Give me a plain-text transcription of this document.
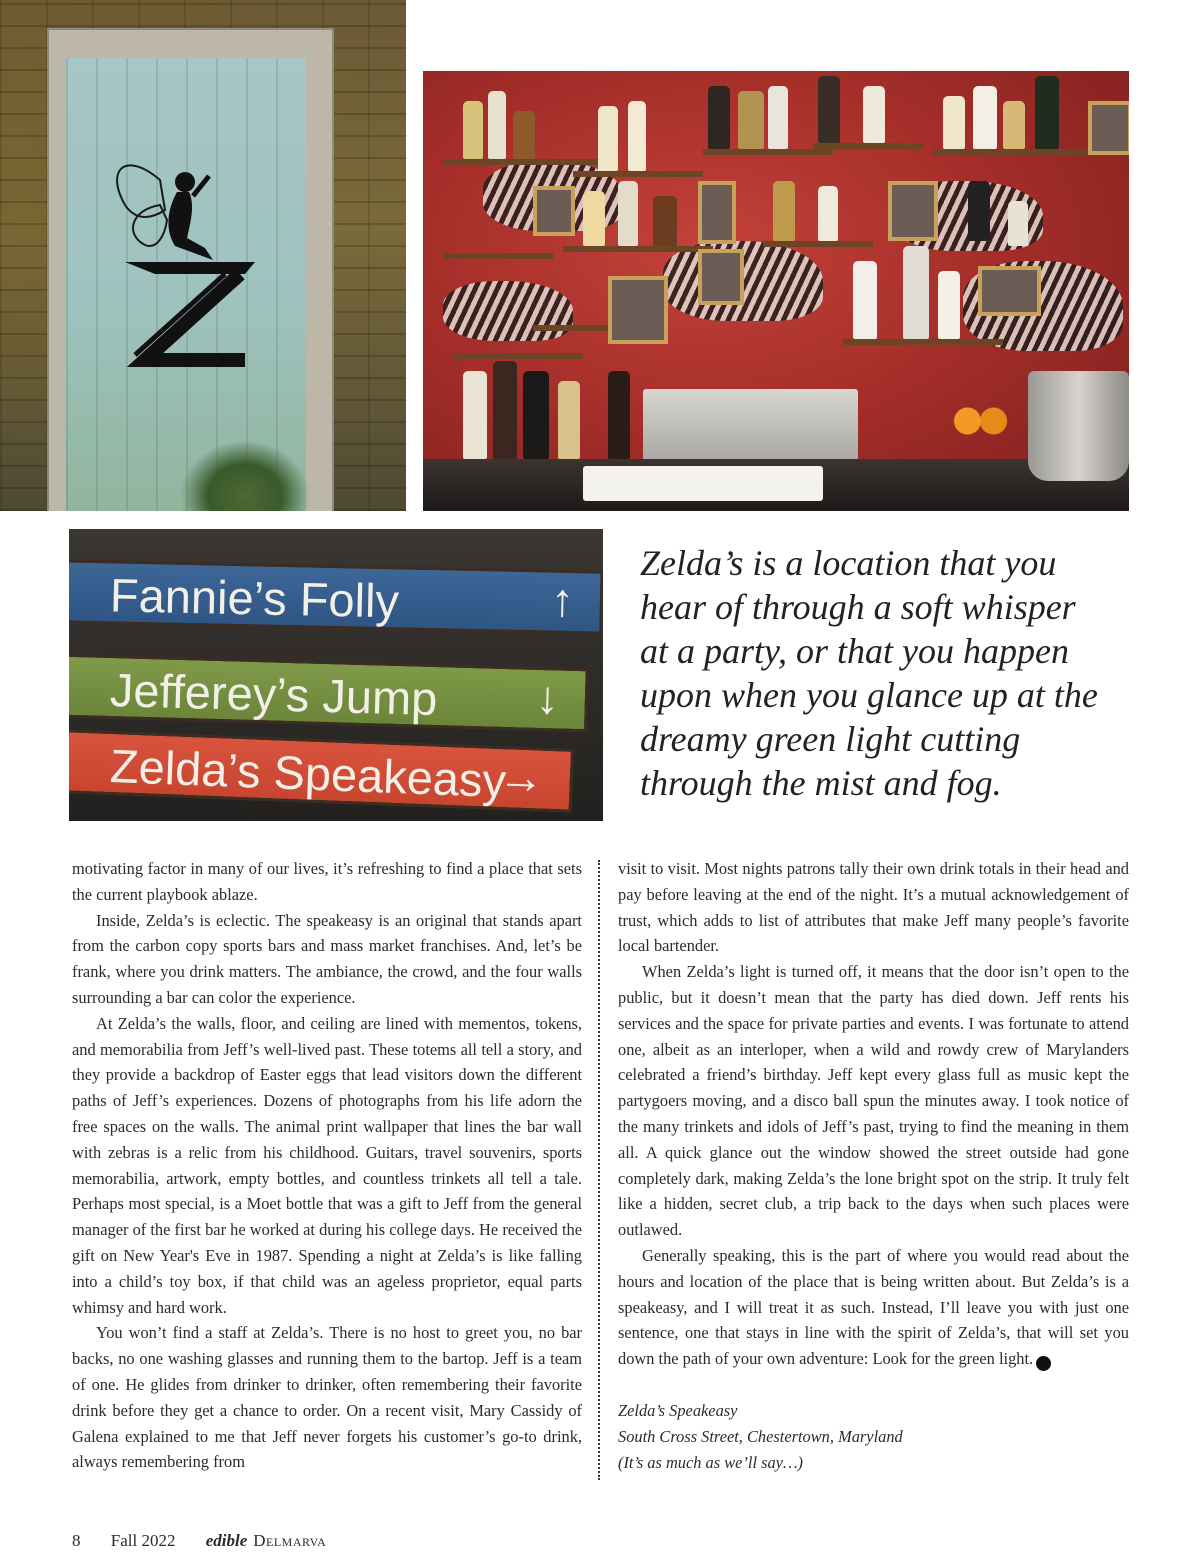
Fannie’s Folly	↑
Jefferey’s Jump ↓
Zelda’s Speakeasy
→
Zelda’s is a location that you hear of through a soft whisper at a party, or that you happen upon when you glance up at the dreamy green light cutting through the mist and fog.

motivating factor in many of our lives, it’s refreshing to find a place that sets the current playbook ablaze.

Inside, Zelda’s is eclectic. The speakeasy is an original that stands apart from the carbon copy sports bars and mass market franchises. And, let’s be frank, where you drink matters. The ambiance, the crowd, and the four walls surrounding a bar can color the experience.

At Zelda’s the walls, floor, and ceiling are lined with mementos, tokens, and memorabilia from Jeff’s well-lived past. These totems all tell a story, and they provide a backdrop of Easter eggs that lead visitors down the different paths of Jeff’s experiences. Dozens of photographs from his life adorn the free spaces on the walls. The animal print wallpaper that lines the bar wall with zebras is a relic from his childhood. Guitars, travel souvenirs, sports memorabilia, artwork, empty bottles, and countless trinkets all tell a tale. Perhaps most special, is a Moet bottle that was a gift to Jeff from the general manager of the first bar he worked at during his college days. He received the gift on New Year's Eve in 1987. Spending a night at Zelda’s is like falling into a child’s toy box, if that child was an ageless proprietor, equal parts whimsy and hard work.

You won’t find a staff at Zelda’s. There is no host to greet you, no bar backs, no one washing glasses and running them to the bartop. Jeff is a team of one. He glides from drinker to drinker, often remembering their favorite drink before they get a chance to order. On a recent visit, Mary Cassidy of Galena explained to me that Jeff never forgets his customer’s go-to drink, always remembering from

visit to visit. Most nights patrons tally their own drink totals in their head and pay before leaving at the end of the night. It’s a mutual acknowledgement of trust, which adds to list of attributes that make Jeff many people’s favorite local bartender.

When Zelda’s light is turned off, it means that the door isn’t open to the public, but it doesn’t mean that the party has died down. Jeff rents his services and the space for private parties and events. I was fortunate to attend one, albeit as an interloper, when a wild and rowdy crew of Marylanders celebrated a friend’s birthday. Jeff kept every glass full as music kept the partygoers moving, and a disco ball spun the minutes away. I took notice of the many trinkets and idols of Jeff’s past, trying to find the meaning in them all. A quick glance out the window showed the street outside had gone completely dark, making Zelda’s the lone bright spot on the strip. It truly felt like a hidden, secret club, a trip back to the days when such places were outlawed.

Generally speaking, this is the part of where you would read about the hours and location of the place that is being written about. But Zelda’s is a speakeasy, and I will treat it as such. Instead, I’ll leave you with just one sentence, one that stays in line with the spirit of Zelda’s, that will set you down the path of your own adventure: Look for the green light. e

Zelda’s Speakeasy
South Cross Street, Chestertown, Maryland
(It’s as much as we’ll say…)
8 Fall 2022 edible Delmarva
